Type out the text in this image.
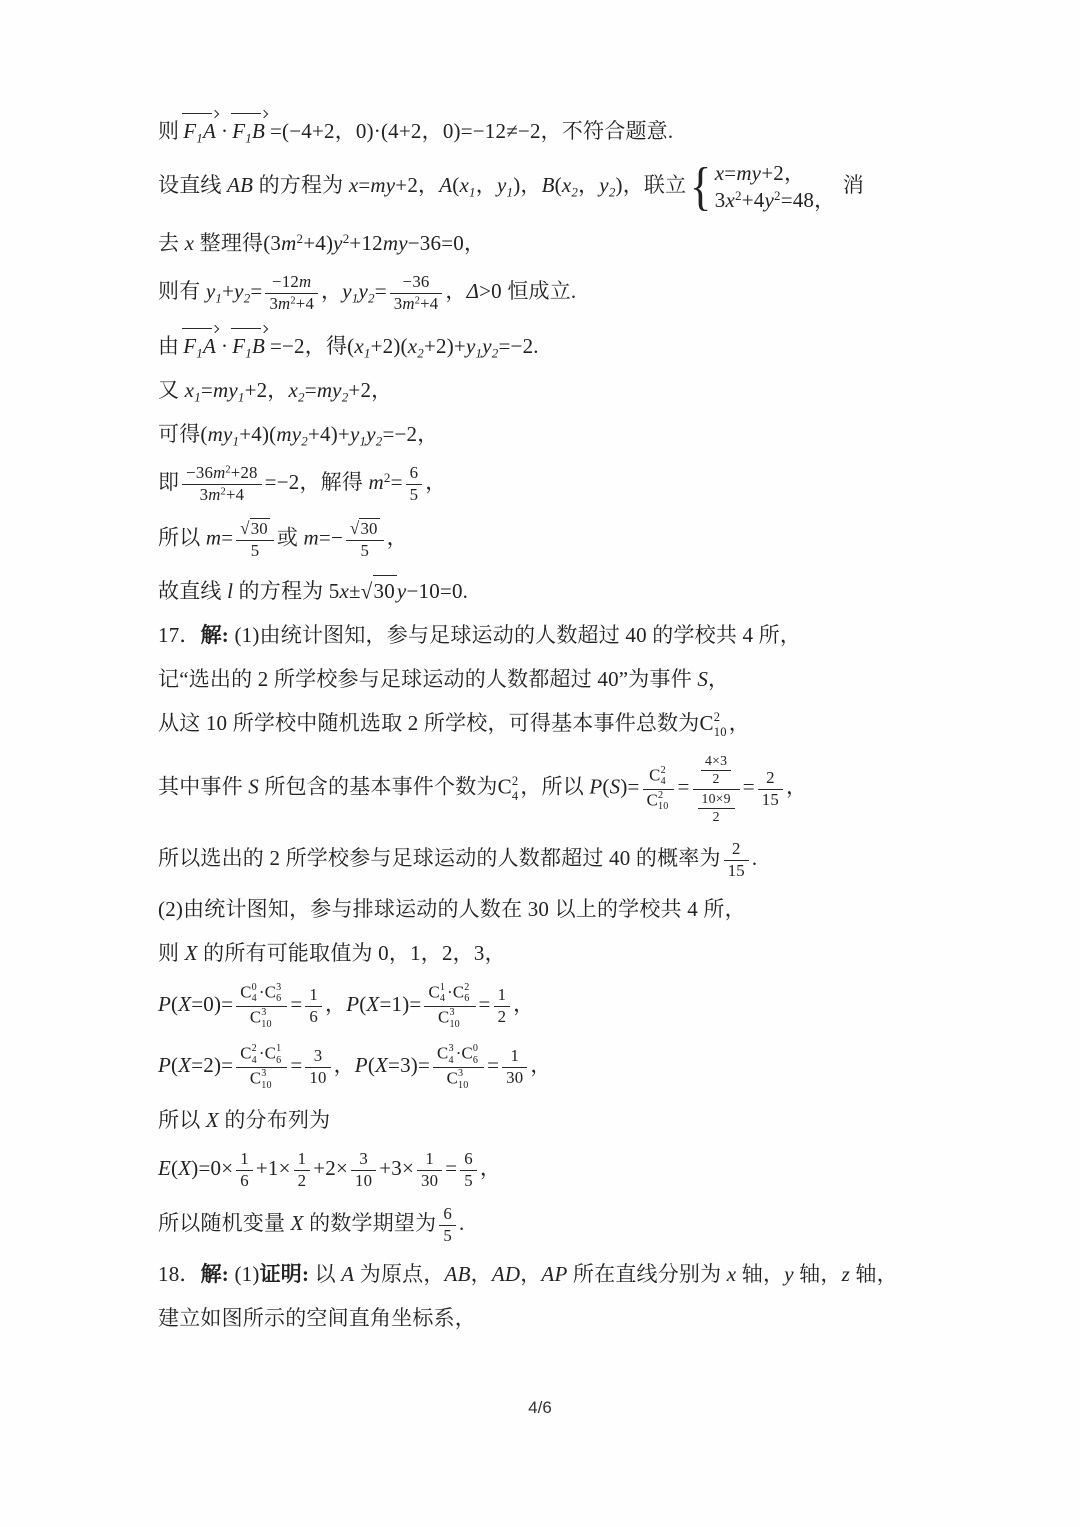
则 $F_1A \cdot F_1B =(-4+2$，0)·(4+2，0)=−12≠−2，不符合题意.
设直线 AB 的方程为 x=my+2，$A(x_1$，$y_1$)，$B(x_2$，$y_2$)，联立 { x=my+2，
$3x^2+4y^2=48$，
消
去 x 整理得$(3m^2+4)y^2+12my-36=0$，
则有 $y_1+y_2= \frac{-12m}{3m^2+4}$ ，$y_1y_2= \frac{-36}{3m^2+4}$ ，Δ>0 恒成立.
由 $F_1A \cdot F_1B =-2$，得$(x_1+2)(x_2+2)+y_1y_2=-2$.
又 $x_1=my_1+2$，$x_2=my_2+2$，
可得$(my_1+4)(my_2+4)+y_1y_2=-2$，
即 $\frac{-36m^2+28}{3m^2+4} =-2$，解得 $m^2= \frac{6}{5}$ ，
所以 $m= \frac{√30}{5}$ 或 $m=- \frac{√30}{5}$ ，
故直线 l 的方程为 5x±√30y−10=0.
17．解: (1)由统计图知，参与足球运动的人数超过 40 的学校共 4 所，
记“选出的 2 所学校参与足球运动的人数都超过 40”为事件 S，
从这 10 所学校中随机选取 2 所学校，可得基本事件总数为C 2
10 ，
其中事件 S 所包含的基本事件个数为C 2
4 ，所以 P(S)= C 2
4
C 2
$10 = \frac{\frac{4\times 3}{2}}{\frac{10\times 9}{2}} = \frac{2}{15}$ ，
所以选出的 2 所学校参与足球运动的人数都超过 40 的概率为 $\frac{2}{15}$ .
(2)由统计图知，参与排球运动的人数在 30 以上的学校共 4 所，
则 X 的所有可能取值为 0，1，2，3，
P(X=0)= C 0
4 ·C 3
6
C 3
$10 = \frac{1}{6}$ ，P(X=1)= C 1
4 ·C 2
6
C 3
$10 = \frac{1}{2}$ ，
P(X=2)= C 2
4 ·C 1
6
C 3
$10 = \frac{3}{10}$ ，P(X=3)= C 3
4 ·C 0
6
C 3
$10 = \frac{1}{30}$ ，
所以 X 的分布列为
$E(X)=0\times \frac{1}{6} +1\times \frac{1}{2} +2\times \frac{3}{10} +3\times \frac{1}{30} = \frac{6}{5}$ ，
所以随机变量 X 的数学期望为 $\frac{6}{5}$ .
18．解: (1)证明: 以 A 为原点，AB，AD，AP 所在直线分别为 x 轴，y 轴，z 轴，
建立如图所示的空间直角坐标系，
4/6
